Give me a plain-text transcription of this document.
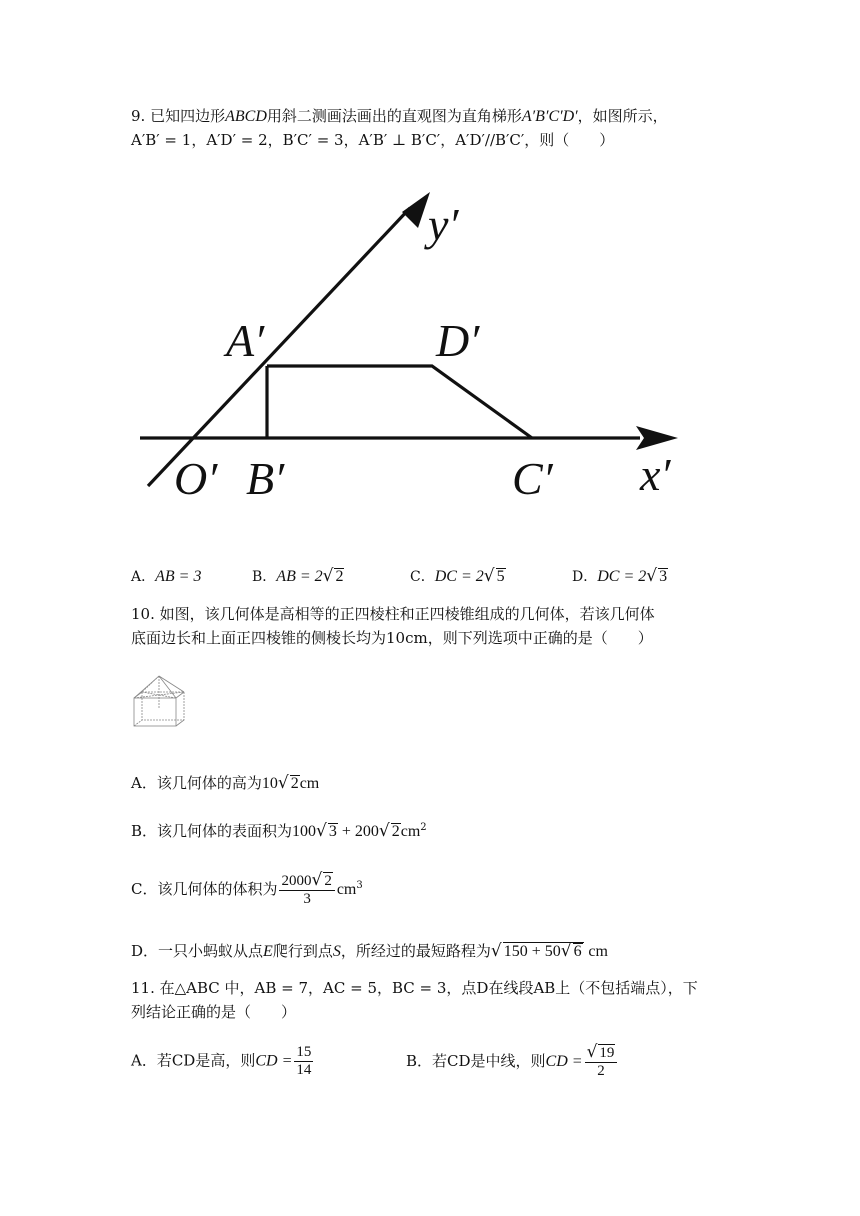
9. 已知四边形ABCD用斜二测画法画出的直观图为直角梯形A′B′C′D′，如图所示，
A′B′ = 1，A′D′ = 2，B′C′ = 3，A′B′ ⊥ B′C′，A′D′//B′C′，则（　　）
y′
A′	D′
O′ B′	C′ x′
A．AB = 3	B．AB = 2√ 2	C．DC = 2√ 5	D．DC = 2√ 3
10. 如图，该几何体是高相等的正四棱柱和正四棱锥组成的几何体，若该几何体
底面边长和上面正四棱锥的侧棱长均为10cm，则下列选项中正确的是（　　）
A．该几何体的高为10√ 2cm
B．该几何体的表面积为100√ 3 + 200√ $2cm^2$
C．该几何体的体积为 $\frac{2000√ 2}{3} cm^3$
D．一只小蚂蚁从点E爬行到点S，所经过的最短路程为√ 150 + 50√ 6 cm
11. 在△ABC 中，AB = 7，AC = 5，BC = 3，点D在线段AB上（不包括端点），下
列结论正确的是（　　）
A．若CD是高，则CD = $\frac{15}{14}$	B．若CD是中线，则CD = $\frac{√ 19}{2}$
